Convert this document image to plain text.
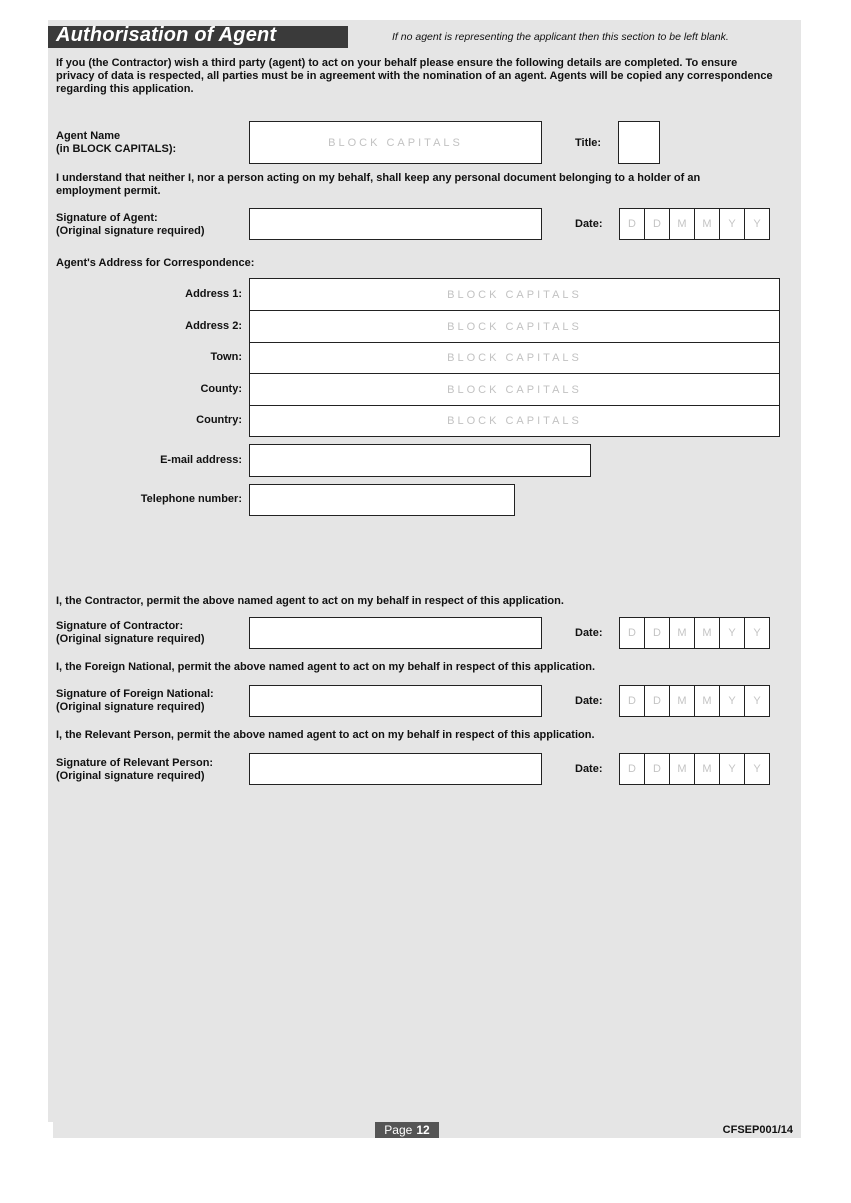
Authorisation of Agent	If no agent is representing the applicant then this section to be left blank.
If you (the Contractor) wish a third party (agent) to act on your behalf please ensure the following details are completed. To ensure privacy of data is respected, all parties must be in agreement with the nomination of an agent. Agents will be copied any correspondence regarding this application.
Agent Name
(in BLOCK CAPITALS):
BLOCK CAPITALS	Title:
I understand that neither I, nor a person acting on my behalf, shall keep any personal document belonging to a holder of an
employment permit.
Signature of Agent:
(Original signature required)
Date:	D	D	M	M	Y	Y
Agent's Address for Correspondence:
Address 1:	BLOCK CAPITALS
Address 2:	BLOCK CAPITALS
Town:	BLOCK CAPITALS
County:	BLOCK CAPITALS
Country:	BLOCK CAPITALS
E-mail address:
Telephone number:
I, the Contractor, permit the above named agent to act on my behalf in respect of this application.
Signature of Contractor:
(Original signature required)	Date:	D	D	M	M	Y	Y
I, the Foreign National, permit the above named agent to act on my behalf in respect of this application.
Signature of Foreign National:
(Original signature required)	Date:	D	D	M	M	Y	Y
I, the Relevant Person, permit the above named agent to act on my behalf in respect of this application.
Signature of Relevant Person:
(Original signature required)
Date:	D	D	M	M	Y	Y
Page 12	CFSEP001/14
